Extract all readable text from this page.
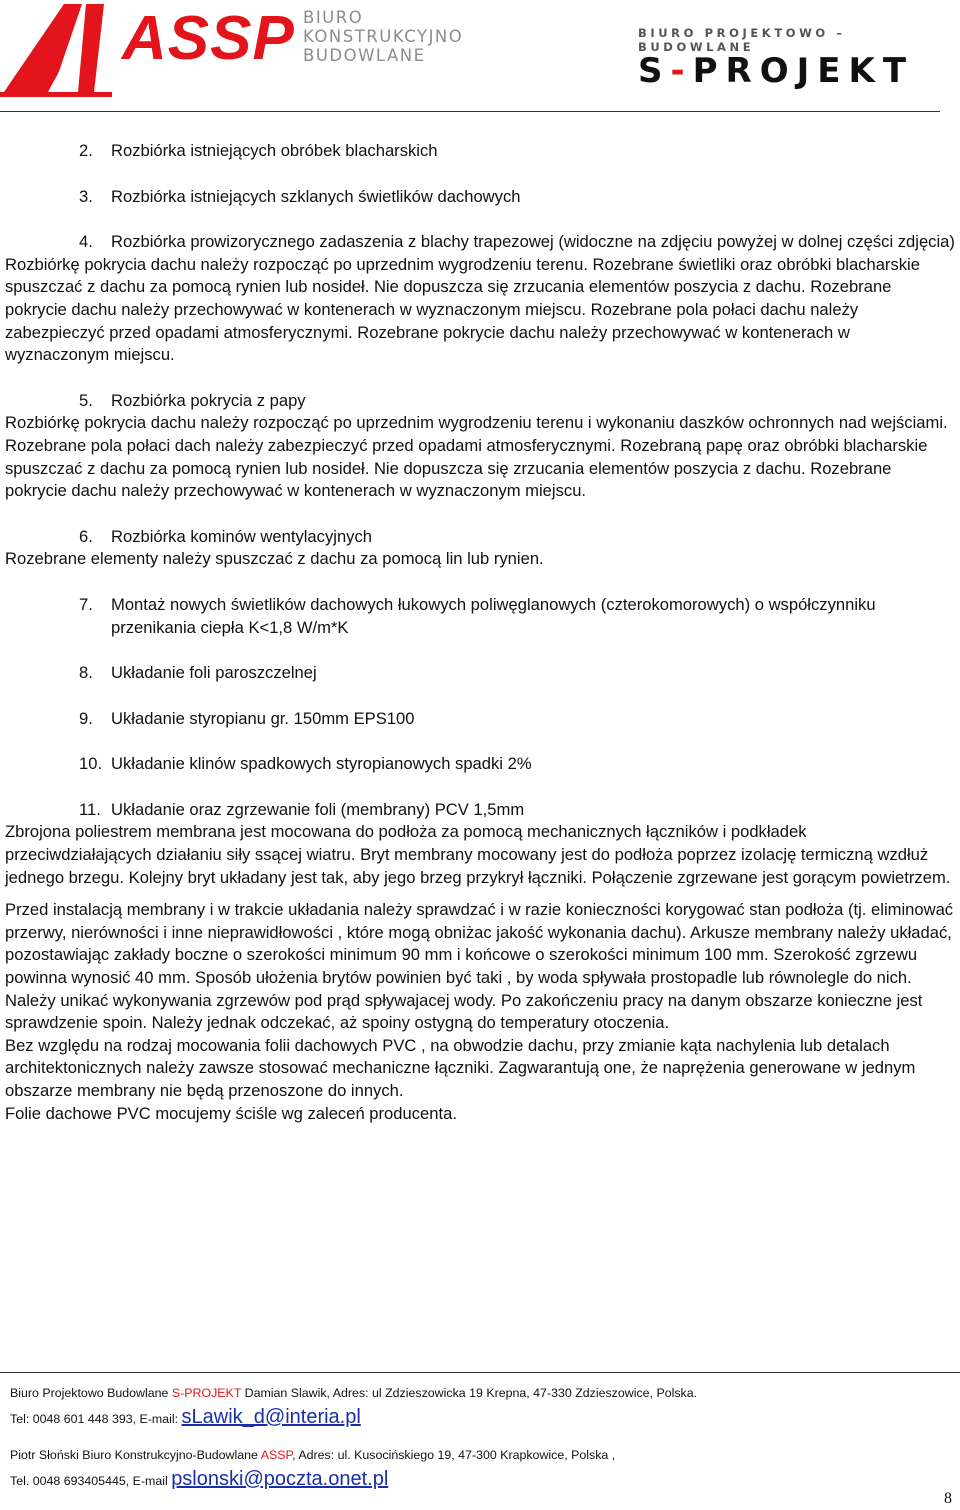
ASSP BIURO
KONSTRUKCYJNO
BUDOWLANE
BIURO PROJEKTOWO – BUDOWLANE
S-PROJEKT
2. Rozbiórka istniejących obróbek blacharskich
3. Rozbiórka istniejących szklanych świetlików dachowych
4. Rozbiórka prowizorycznego zadaszenia z blachy trapezowej (widoczne na zdjęciu powyżej w dolnej części zdjęcia)

Rozbiórkę pokrycia dachu należy rozpocząć po uprzednim wygrodzeniu terenu. Rozebrane świetliki oraz obróbki blacharskie spuszczać z dachu za pomocą rynien lub nosideł. Nie dopuszcza się zrzucania elementów poszycia z dachu. Rozebrane pokrycie dachu należy przechowywać w kontenerach w wyznaczonym miejscu. Rozebrane pola połaci dachu należy zabezpieczyć przed opadami atmosferycznymi. Rozebrane pokrycie dachu należy przechowywać w kontenerach w wyznaczonym miejscu.

5. Rozbiórka pokrycia z papy

Rozbiórkę pokrycia dachu należy rozpocząć po uprzednim wygrodzeniu terenu i wykonaniu daszków ochronnych nad wejściami. Rozebrane pola połaci dach należy zabezpieczyć przed opadami atmosferycznymi. Rozebraną papę oraz obróbki blacharskie spuszczać z dachu za pomocą rynien lub nosideł. Nie dopuszcza się zrzucania elementów poszycia z dachu. Rozebrane pokrycie dachu należy przechowywać w kontenerach w wyznaczonym miejscu.

6. Rozbiórka kominów wentylacyjnych

Rozebrane elementy należy spuszczać z dachu za pomocą lin lub rynien.

7. Montaż nowych świetlików dachowych łukowych poliwęglanowych (czterokomorowych) o współczynniku przenikania ciepła K<1,8 W/m*K
8. Układanie foli paroszczelnej
9. Układanie styropianu gr. 150mm EPS100
10. Układanie klinów spadkowych styropianowych spadki 2%
11. Układanie oraz zgrzewanie foli (membrany) PCV 1,5mm

Zbrojona poliestrem membrana jest mocowana do podłoża za pomocą mechanicznych łączników i podkładek przeciwdziałających działaniu siły ssącej wiatru. Bryt membrany mocowany jest do podłoża poprzez izolację termiczną wzdłuż jednego brzegu. Kolejny bryt układany jest tak, aby jego brzeg przykrył łączniki. Połączenie zgrzewane jest gorącym powietrzem.

Przed instalacją membrany i w trakcie układania należy sprawdzać i w razie konieczności korygować stan podłoża (tj. eliminować przerwy, nierówności i inne nieprawidłowości , które mogą obniżac jakość wykonania dachu). Arkusze membrany należy układać, pozostawiając zakłady boczne o szerokości minimum 90 mm i końcowe o szerokości minimum 100 mm. Szerokość zgrzewu powinna wynosić 40 mm. Sposób ułożenia brytów powinien być taki , by woda spływała prostopadle lub równolegle do nich. Należy unikać wykonywania zgrzewów pod prąd spływajacej wody. Po zakończeniu pracy na danym obszarze konieczne jest sprawdzenie spoin. Należy jednak odczekać, aż spoiny ostygną do temperatury otoczenia.

Bez względu na rodzaj mocowania folii dachowych PVC , na obwodzie dachu, przy zmianie kąta nachylenia lub detalach architektonicznych należy zawsze stosować mechaniczne łączniki. Zagwarantują one, że naprężenia generowane w jednym obszarze membrany nie będą przenoszone do innych.

Folie dachowe PVC mocujemy ściśle wg zaleceń producenta.

Biuro Projektowo Budowlane S-PROJEKT Damian Slawik, Adres: ul Zdzieszowicka 19 Krepna, 47-330 Zdzieszowice, Polska.
Tel: 0048 601 448 393, E-mail: sLawik_d@interia.pl
Piotr Słoński Biuro Konstrukcyjno-Budowlane ASSP, Adres: ul. Kusocińskiego 19, 47-300 Krapkowice, Polska ,
Tel. 0048 693405445, E-mail pslonski@poczta.onet.pl
8
